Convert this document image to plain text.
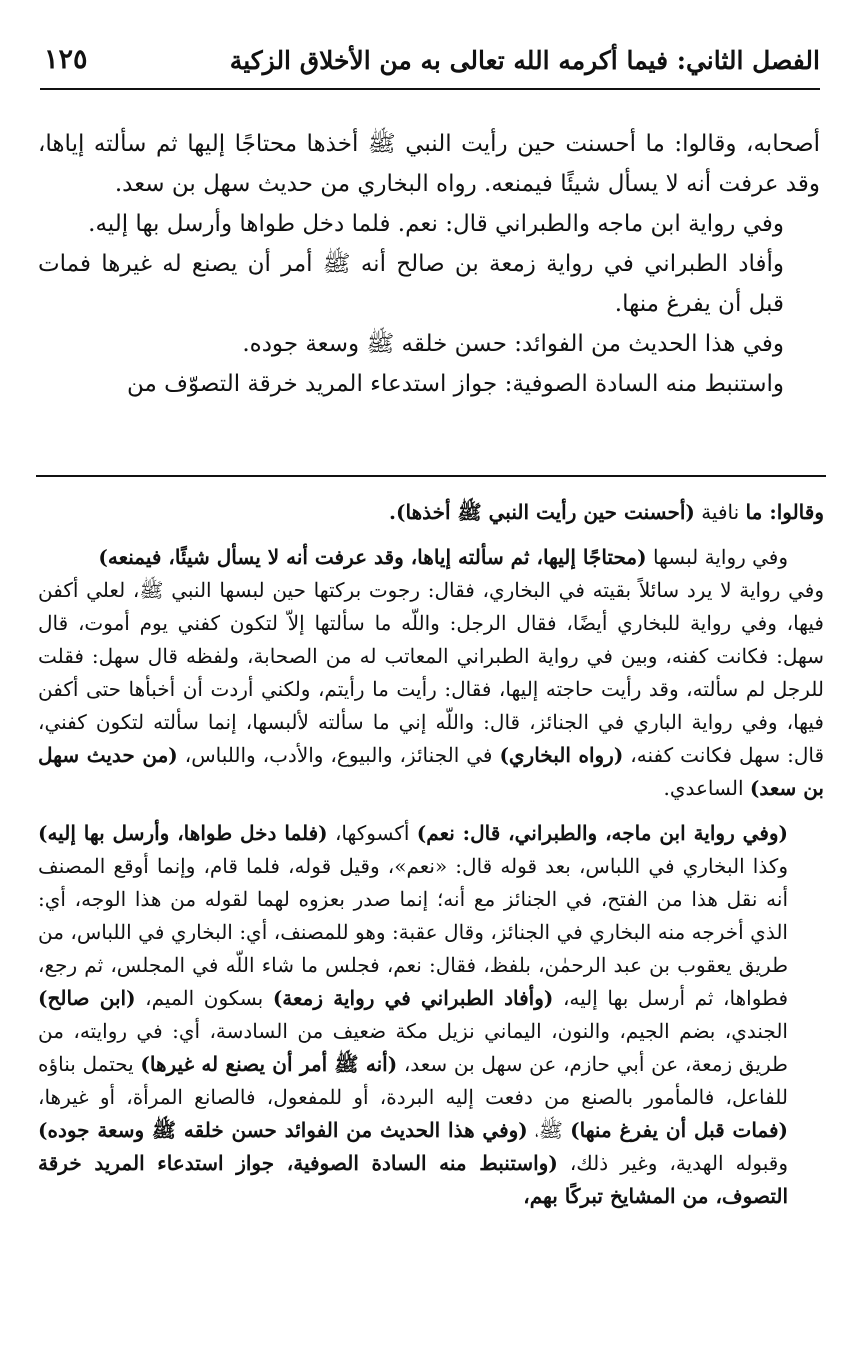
الفصل الثاني: فيما أكرمه الله تعالى به من الأخلاق الزكية
١٢٥

أصحابه، وقالوا: ما أحسنت حين رأيت النبي ﷺ أخذها محتاجًا إليها ثم سألته إياها، وقد عرفت أنه لا يسأل شيئًا فيمنعه. رواه البخاري من حديث سهل بن سعد.

وفي رواية ابن ماجه والطبراني قال: نعم. فلما دخل طواها وأرسل بها إليه.

وأفاد الطبراني في رواية زمعة بن صالح أنه ﷺ أمر أن يصنع له غيرها فمات قبل أن يفرغ منها.

وفي هذا الحديث من الفوائد: حسن خلقه ﷺ وسعة جوده.

واستنبط منه السادة الصوفية: جواز استدعاء المريد خرقة التصوّف من

وقالوا: ما نافية (أحسنت حين رأيت النبي ﷺ أخذها).

وفي رواية لبسها (محتاجًا إليها، ثم سألته إياها، وقد عرفت أنه لا يسأل شيئًا، فيمنعه)

وفي رواية لا يرد سائلاً بقيته في البخاري، فقال: رجوت بركتها حين لبسها النبي ﷺ، لعلي أكفن فيها، وفي رواية للبخاري أيضًا، فقال الرجل: واللّه ما سألتها إلاّ لتكون كفني يوم أموت، قال سهل: فكانت كفنه، وبين في رواية الطبراني المعاتب له من الصحابة، ولفظه قال سهل: فقلت للرجل لم سألته، وقد رأيت حاجته إليها، فقال: رأيت ما رأيتم، ولكني أردت أن أخبأها حتى أكفن فيها، وفي رواية الباري في الجنائز، قال: واللّه إني ما سألته لألبسها، إنما سألته لتكون كفني، قال: سهل فكانت كفنه، (رواه البخاري) في الجنائز، والبيوع، والأدب، واللباس، (من حديث سهل بن سعد) الساعدي.

(وفي رواية ابن ماجه، والطبراني، قال: نعم) أكسوكها، (فلما دخل طواها، وأرسل بها إليه) وكذا البخاري في اللباس، بعد قوله قال: «نعم»، وقيل قوله، فلما قام، وإنما أوقع المصنف أنه نقل هذا من الفتح، في الجنائز مع أنه؛ إنما صدر بعزوه لهما لقوله من هذا الوجه، أي: الذي أخرجه منه البخاري في الجنائز، وقال عقبة: وهو للمصنف، أي: البخاري في اللباس، من طريق يعقوب بن عبد الرحمٰن، بلفظ، فقال: نعم، فجلس ما شاء اللّه في المجلس، ثم رجع، فطواها، ثم أرسل بها إليه، (وأفاد الطبراني في رواية زمعة) بسكون الميم، (ابن صالح) الجندي، بضم الجيم، والنون، اليماني نزيل مكة ضعيف من السادسة، أي: في روايته، من طريق زمعة، عن أبي حازم، عن سهل بن سعد، (أنه ﷺ أمر أن يصنع له غيرها) يحتمل بناؤه للفاعل، فالمأمور بالصنع من دفعت إليه البردة، أو للمفعول، فالصانع المرأة، أو غيرها، (فمات قبل أن يفرغ منها) ﷺ، (وفي هذا الحديث من الفوائد حسن خلقه ﷺ وسعة جوده) وقبوله الهدية، وغير ذلك، (واستنبط منه السادة الصوفية، جواز استدعاء المريد خرقة التصوف، من المشايخ تبركًا بهم،
